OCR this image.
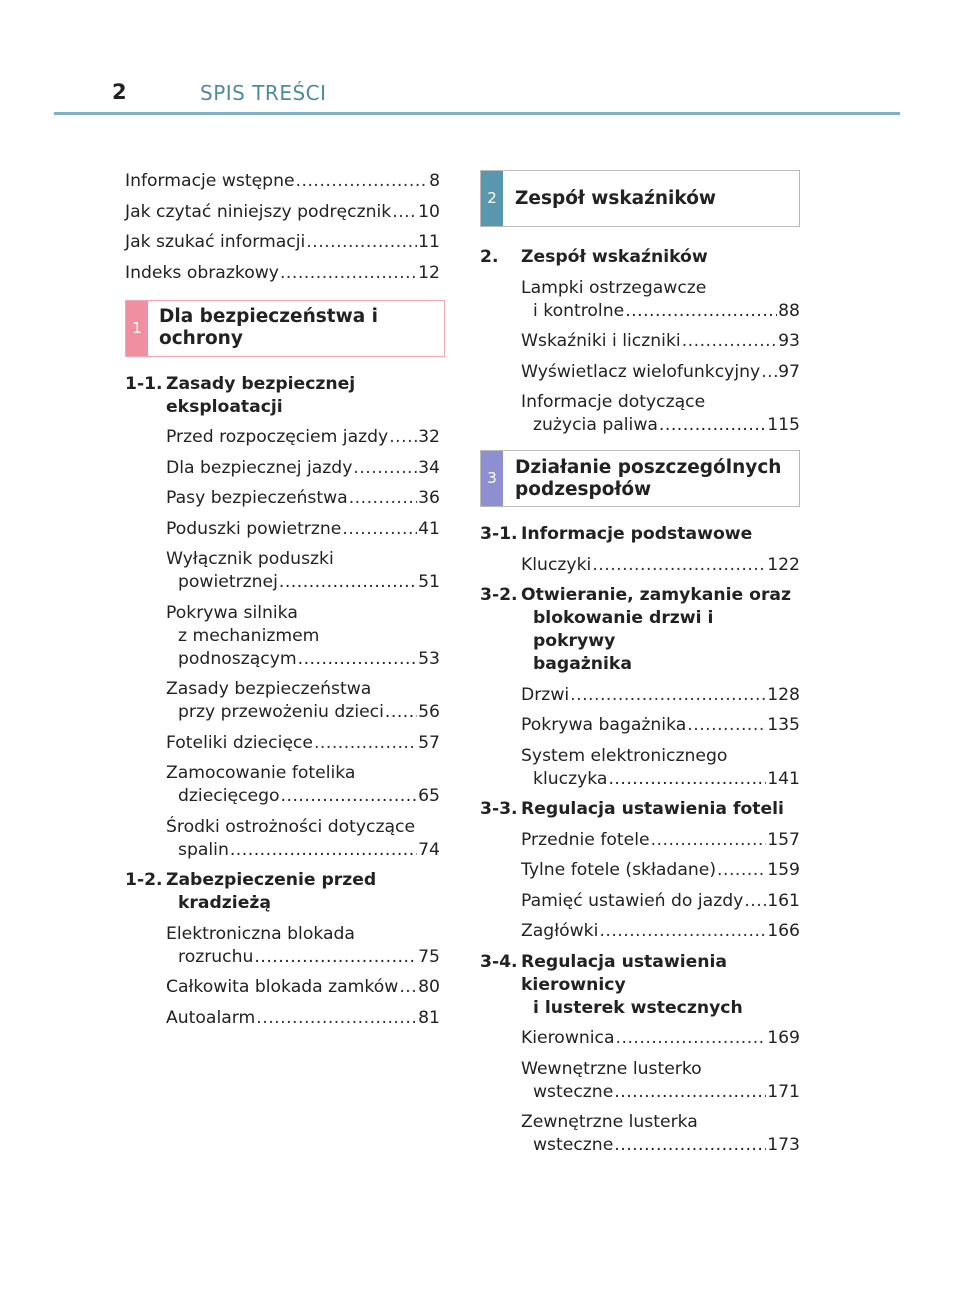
2	SPIS TREŚCI
Informacje wstępne .....	8
Jak czytać niniejszy podręcznik ..... 10
Jak szukać informacji .....	11
Indeks obrazkowy .....	12
1
Dla bezpieczeństwa i ochrony
1-1. Zasady bezpiecznej eksploatacji
Przed rozpoczęciem jazdy ..... 32
Dla bezpiecznej jazdy .....	34
Pasy bezpieczeństwa .....	36
Poduszki powietrzne .....	41
Wyłącznik poduszki
powietrznej .....	51
Pokrywa silnika
z mechanizmem
podnoszącym .....	53
Zasady bezpieczeństwa
przy przewożeniu dzieci ..... 56
Foteliki dziecięce .....	57
Zamocowanie fotelika
dziecięcego .....	65
Środki ostrożności dotyczące
spalin .....	74
1-2. Zabezpieczenie przed
kradzieżą
Elektroniczna blokada
rozruchu .....	75
Całkowita blokada zamków ..... 80
Autoalarm .....	81
2 Zespół wskaźników
2.	Zespół wskaźników
Lampki ostrzegawcze
i kontrolne .....	88
Wskaźniki i liczniki .....	93
Wyświetlacz wielofunkcyjny ..... 97
Informacje dotyczące
zużycia paliwa .....	115
3
Działanie poszczególnych
podzespołów
3-1. Informacje podstawowe
Kluczyki .....	122
3-2. Otwieranie, zamykanie oraz
blokowanie drzwi i pokrywy
bagażnika
Drzwi .....	128
Pokrywa bagażnika .....	135
System elektronicznego
kluczyka .....	141
3-3. Regulacja ustawienia foteli
Przednie fotele .....	157
Tylne fotele (składane) .....	159
Pamięć ustawień do jazdy ..... 161
Zagłówki .....	166
3-4. Regulacja ustawienia kierownicy
i lusterek wstecznych
Kierownica .....	169
Wewnętrzne lusterko
wsteczne .....	171
Zewnętrzne lusterka
wsteczne .....	173
